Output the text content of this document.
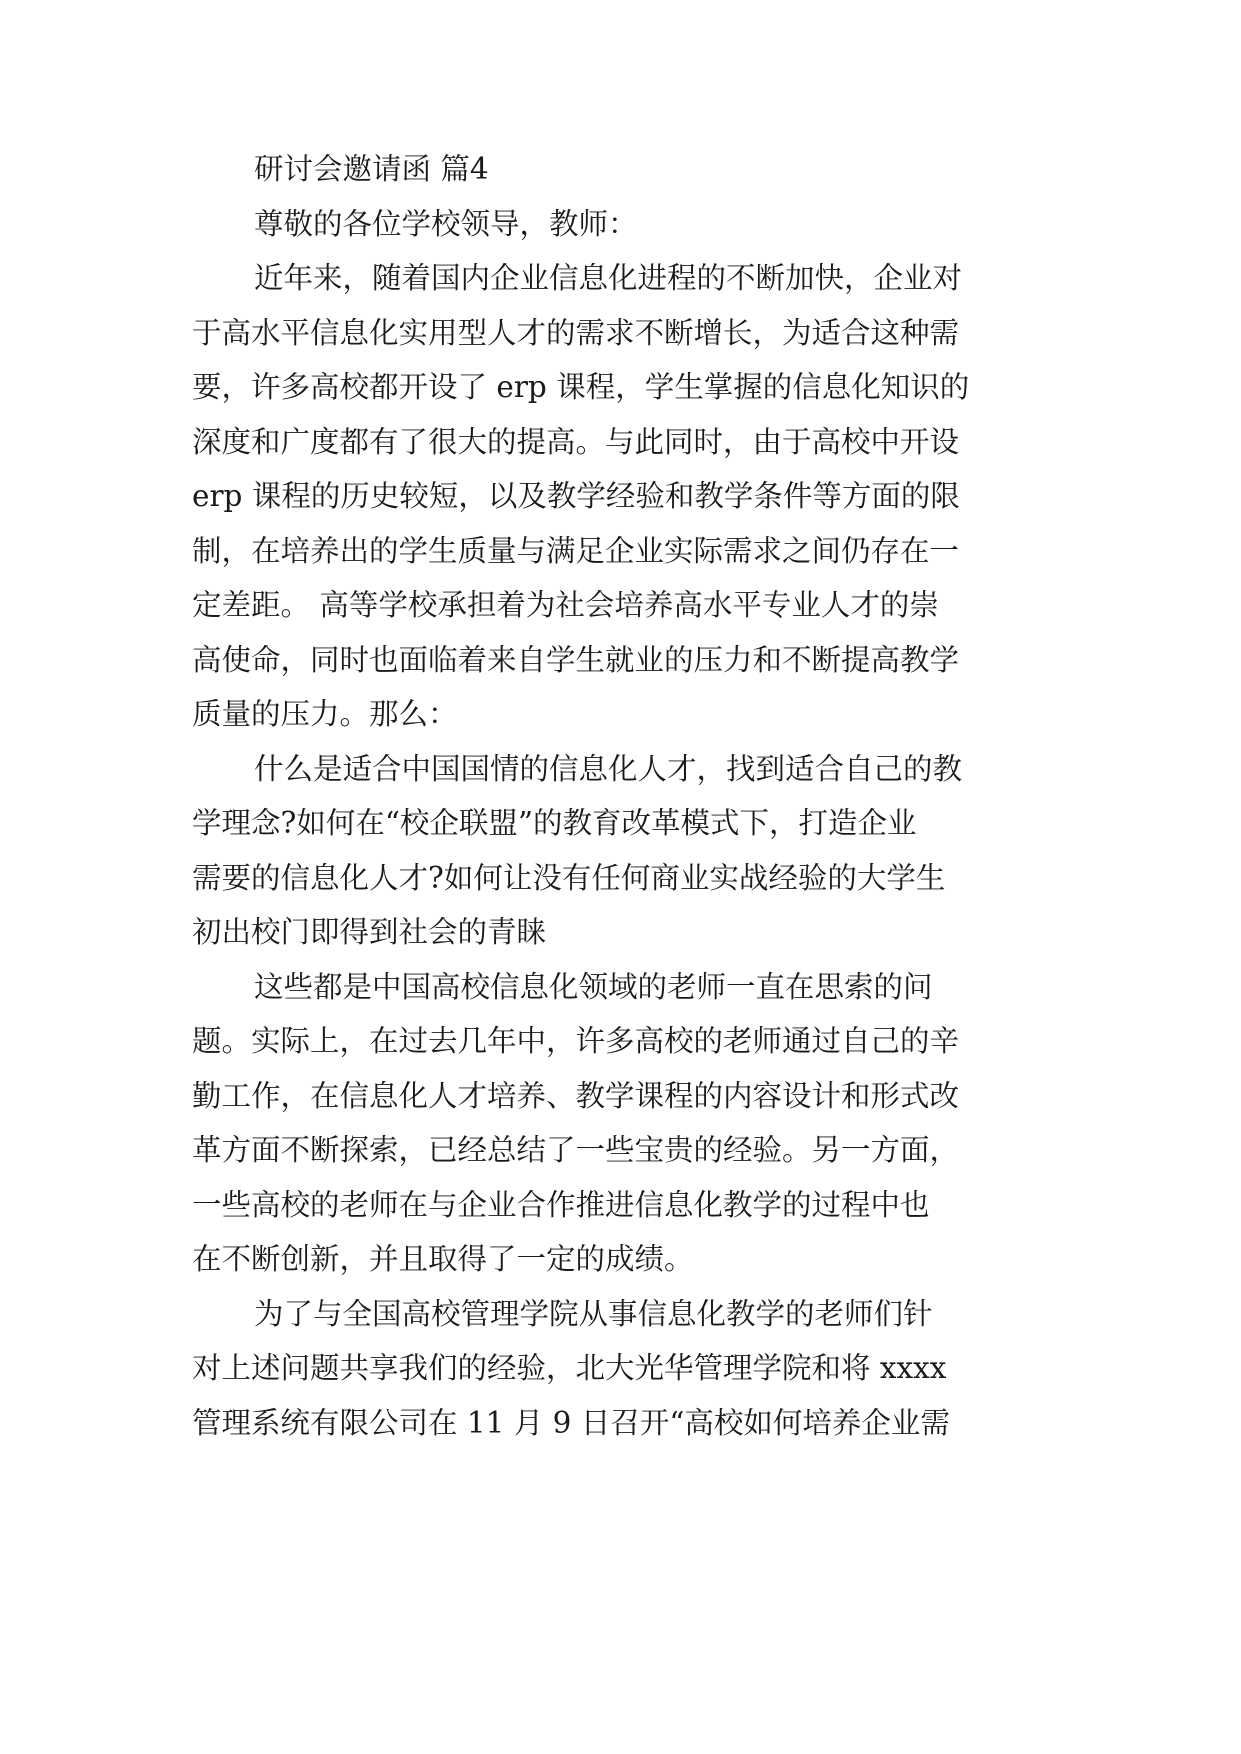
研讨会邀请函 篇4
尊敬的各位学校领导，教师：
近年来，随着国内企业信息化进程的不断加快，企业对
于高水平信息化实用型人才的需求不断增长，为适合这种需
要，许多高校都开设了 erp 课程，学生掌握的信息化知识的
深度和广度都有了很大的提高。与此同时，由于高校中开设
erp 课程的历史较短，以及教学经验和教学条件等方面的限
制，在培养出的学生质量与满足企业实际需求之间仍存在一
定差距。 高等学校承担着为社会培养高水平专业人才的崇
高使命，同时也面临着来自学生就业的压力和不断提高教学
质量的压力。那么：
什么是适合中国国情的信息化人才，找到适合自己的教
学理念?如何在“校企联盟”的教育改革模式下，打造企业
需要的信息化人才?如何让没有任何商业实战经验的大学生
初出校门即得到社会的青睐
这些都是中国高校信息化领域的老师一直在思索的问
题。实际上，在过去几年中，许多高校的老师通过自己的辛
勤工作，在信息化人才培养、教学课程的内容设计和形式改
革方面不断探索，已经总结了一些宝贵的经验。另一方面，
一些高校的老师在与企业合作推进信息化教学的过程中也
在不断创新，并且取得了一定的成绩。
为了与全国高校管理学院从事信息化教学的老师们针
对上述问题共享我们的经验，北大光华管理学院和将 xxxx
管理系统有限公司在 11 月 9 日召开“高校如何培养企业需
